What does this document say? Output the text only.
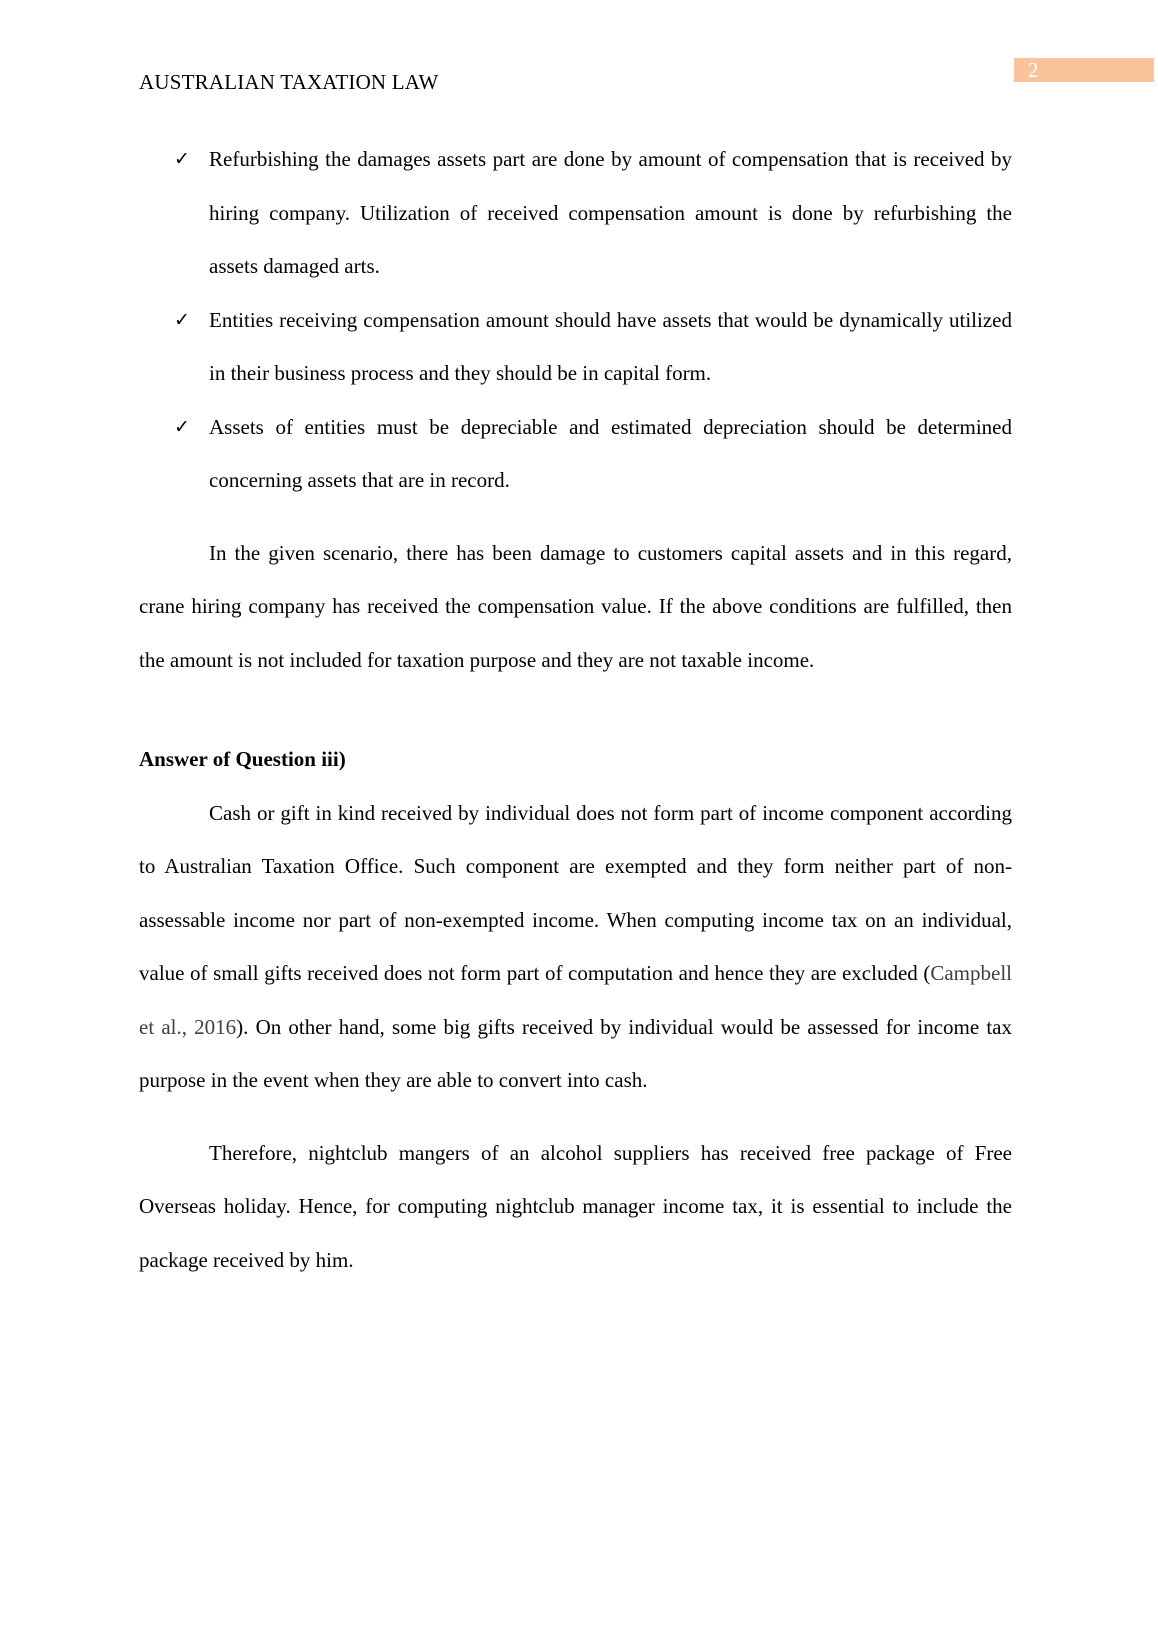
2
AUSTRALIAN TAXATION LAW
✓ Refurbishing the damages assets part are done by amount of compensation that is received by hiring company. Utilization of received compensation amount is done by refurbishing the assets damaged arts.
✓ Entities receiving compensation amount should have assets that would be dynamically utilized in their business process and they should be in capital form.
✓ Assets of entities must be depreciable and estimated depreciation should be determined concerning assets that are in record.

In the given scenario, there has been damage to customers capital assets and in this regard, crane hiring company has received the compensation value. If the above conditions are fulfilled, then the amount is not included for taxation purpose and they are not taxable income.

Answer of Question iii)

Cash or gift in kind received by individual does not form part of income component according to Australian Taxation Office. Such component are exempted and they form neither part of non-assessable income nor part of non-exempted income. When computing income tax on an individual, value of small gifts received does not form part of computation and hence they are excluded (Campbell et al., 2016). On other hand, some big gifts received by individual would be assessed for income tax purpose in the event when they are able to convert into cash.

Therefore, nightclub mangers of an alcohol suppliers has received free package of Free Overseas holiday. Hence, for computing nightclub manager income tax, it is essential to include the package received by him.
